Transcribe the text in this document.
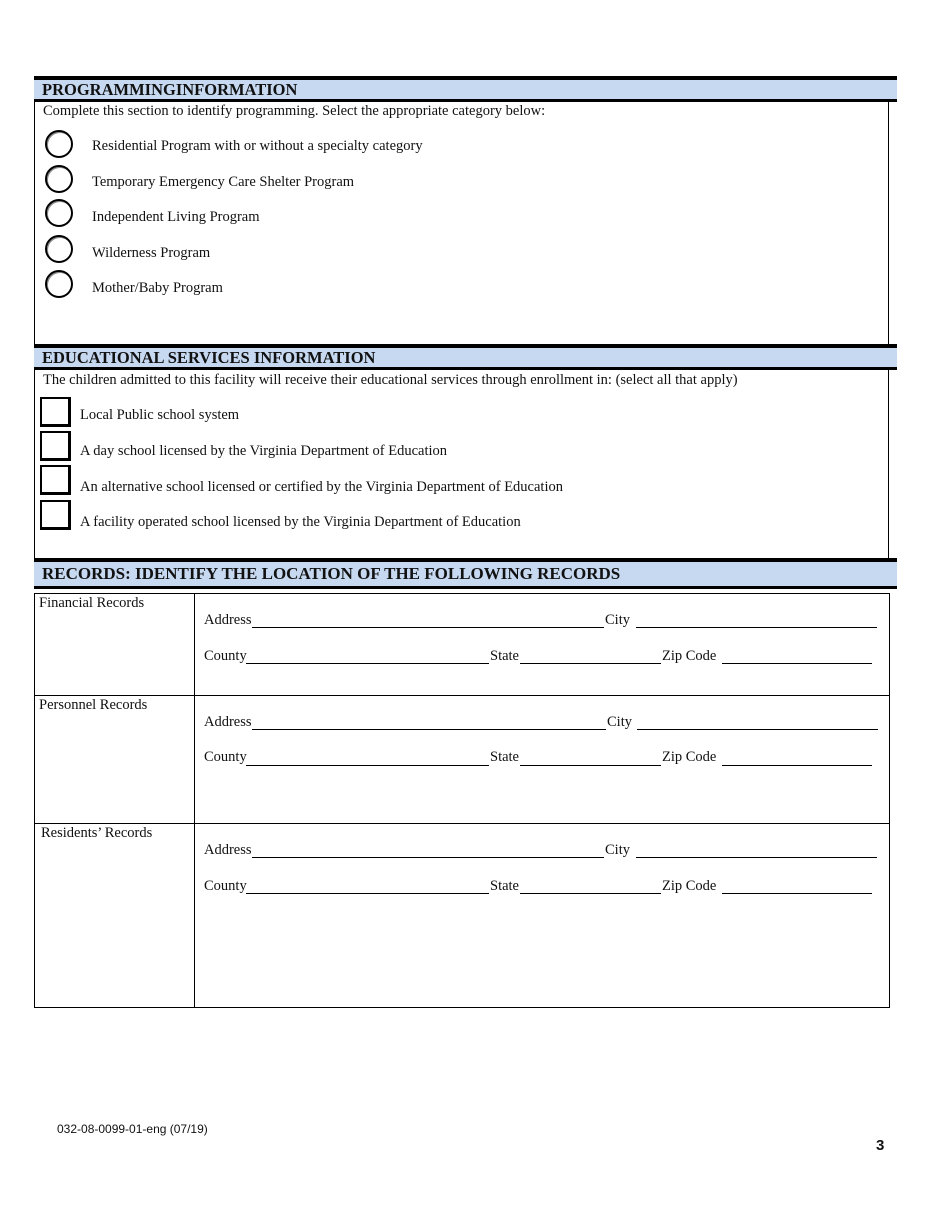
PROGRAMMINGINFORMATION
Complete this section to identify programming. Select the appropriate category below:
Residential Program with or without a specialty category
Temporary Emergency Care Shelter Program
Independent Living Program
Wilderness Program
Mother/Baby Program
EDUCATIONAL SERVICES INFORMATION
The children admitted to this facility will receive their educational services through enrollment in: (select all that apply)
Local Public school system
A day school licensed by the Virginia Department of Education
An alternative school licensed or certified by the Virginia Department of Education
A facility operated school licensed by the Virginia Department of Education
RECORDS: IDENTIFY THE LOCATION OF THE FOLLOWING RECORDS
Financial Records
Address	City
County	State	Zip Code
Personnel Records
Address	City
County	State	Zip Code
Residents’ Records
Address	City
County	State	Zip Code
032-08-0099-01-eng (07/19)
3
